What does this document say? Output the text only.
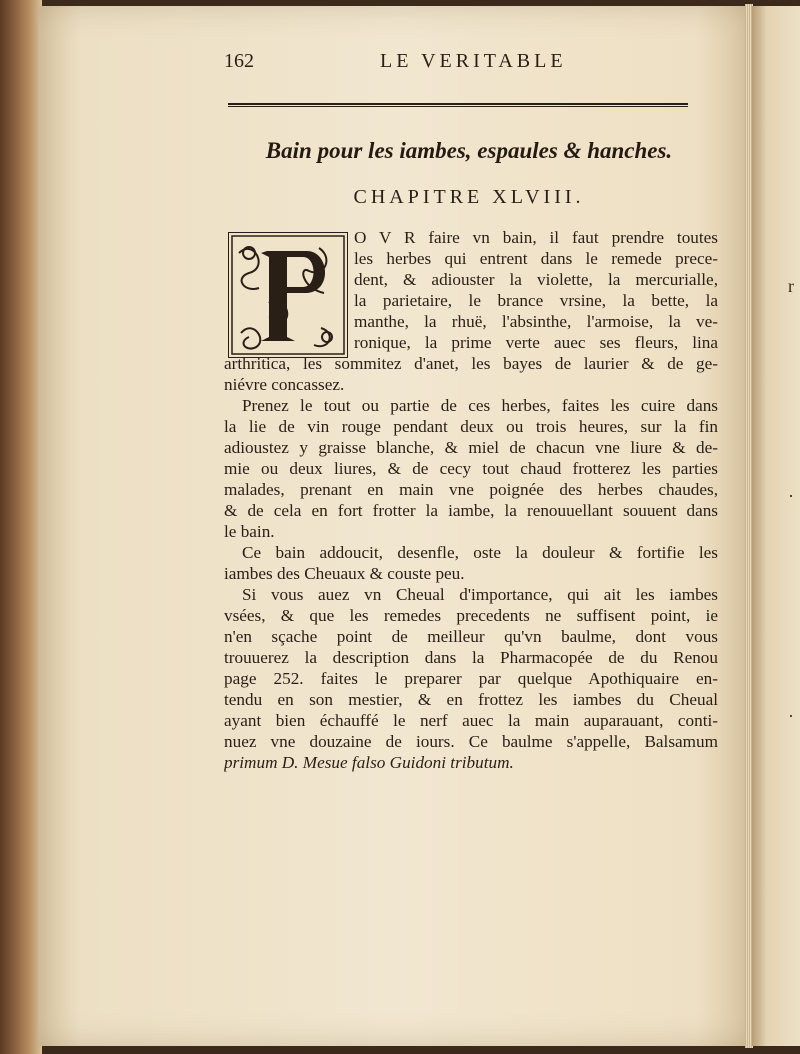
r
·
·
162	LE VERITABLE
Bain pour les iambes, espaules & hanches.
CHAPITRE XLVIII.
O V R faire vn bain, il faut prendre toutes
les herbes qui entrent dans le remede prece-
dent, & adiouster la violette, la mercurialle,
la parietaire, le brance vrsine, la bette, la
manthe, la rhuë, l'absinthe, l'armoise, la ve-
ronique, la prime verte auec ses fleurs, lina
arthritica, les sommitez d'anet, les bayes de laurier & de ge-
niévre concassez.
Prenez le tout ou partie de ces herbes, faites les cuire dans
la lie de vin rouge pendant deux ou trois heures, sur la fin
adioustez y graisse blanche, & miel de chacun vne liure & de-
mie ou deux liures, & de cecy tout chaud frotterez les parties
malades, prenant en main vne poignée des herbes chaudes,
& de cela en fort frotter la iambe, la renouuellant souuent dans
le bain.
Ce bain addoucit, desenfle, oste la douleur & fortifie les
iambes des Cheuaux & couste peu.
Si vous auez vn Cheual d'importance, qui ait les iambes
vsées, & que les remedes precedents ne suffisent point, ie
n'en sçache point de meilleur qu'vn baulme, dont vous
trouuerez la description dans la Pharmacopée de du Renou
page 252. faites le preparer par quelque Apothiquaire en-
tendu en son mestier, & en frottez les iambes du Cheual
ayant bien échauffé le nerf auec la main auparauant, conti-
nuez vne douzaine de iours. Ce baulme s'appelle, Balsamum
primum D. Mesue falso Guidoni tributum.
